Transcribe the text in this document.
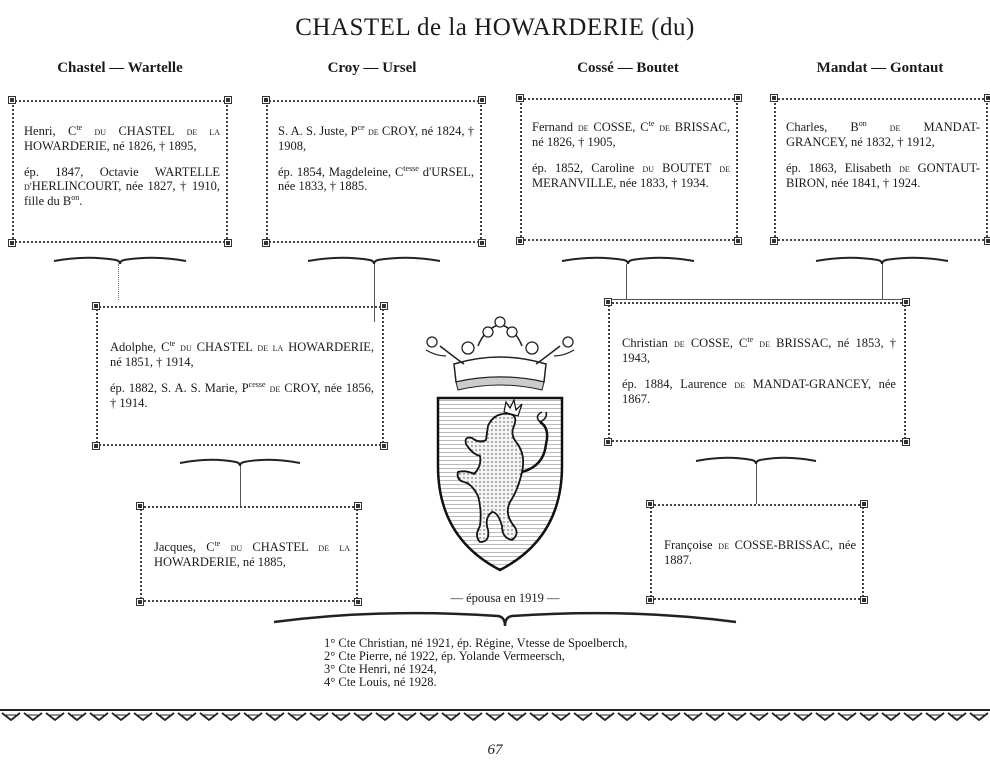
CHASTEL de la HOWARDERIE (du)
Chastel — Wartelle	Croy — Ursel	Cossé — Boutet	Mandat — Gontaut

Henri, $C^{te}$ du CHASTEL de la HOWARDERIE, né 1826, † 1895,

ép. 1847, Octavie WARTELLE d'HERLINCOURT, née 1827, † 1910, fille du $B^{on}$.

S. A. S. Juste, $P^{ce}$ de CROY, né 1824, † 1908,

ép. 1854, Magdeleine, $C^{tesse}$ d'URSEL, née 1833, † 1885.

Fernand de COSSE, $C^{te}$ de BRISSAC, né 1826, † 1905,

ép. 1852, Caroline du BOUTET de MERANVILLE, née 1833, † 1934.

Charles, $B^{on}$ de MANDAT-GRANCEY, né 1832, † 1912,

ép. 1863, Elisabeth de GONTAUT-BIRON, née 1841, † 1924.

Adolphe, $C^{te}$ du CHASTEL de la HOWARDERIE, né 1851, † 1914,

ép. 1882, S. A. S. Marie, $P^{cesse}$ de CROY, née 1856, † 1914.

Christian de COSSE, $C^{te}$ de BRISSAC, né 1853, † 1943,

ép. 1884, Laurence de MANDAT-GRANCEY, née 1867.

Jacques, $C^{te}$ du CHASTEL de la HOWARDERIE, né 1885,

Françoise de COSSE-BRISSAC, née 1887.

— épousa en 1919 —
1° Cte Christian, né 1921, ép. Régine, Vtesse de Spoelberch,
2° Cte Pierre, né 1922, ép. Yolande Vermeersch,
3° Cte Henri, né 1924,
4° Cte Louis, né 1928.
67
